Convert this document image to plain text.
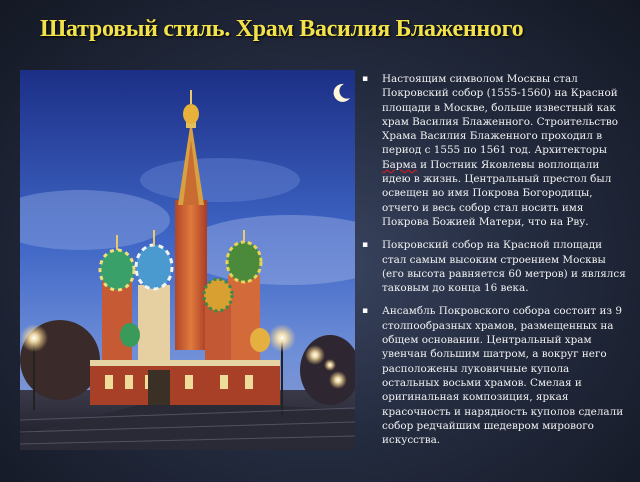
Шатровый стиль. Храм Василия Блаженного
▪ Настоящим символом Москвы стал Покровский собор (1555-1560) на Красной площади в Москве, больше известный как храм Василия Блаженного. Строительство Храма Василия Блаженного проходил в период с 1555 по 1561 год. Архитекторы Барма и Постник Яковлевы воплощали идею в жизнь. Центральный престол был освещен во имя Покрова Богородицы, отчего и весь собор стал носить имя Покрова Божией Матери, что на Рву.
▪ Покровский собор на Красной площади стал самым высоким строением Москвы (его высота равняется 60 метров) и являлся таковым до конца 16 века.
▪ Ансамбль Покровского собора состоит из 9 столпообразных храмов, размещенных на общем основании. Центральный храм увенчан большим шатром, а вокруг него расположены луковичные купола остальных восьми храмов. Смелая и оригинальная композиция, яркая красочность и нарядность куполов сделали собор редчайшим шедевром мирового искусства.
